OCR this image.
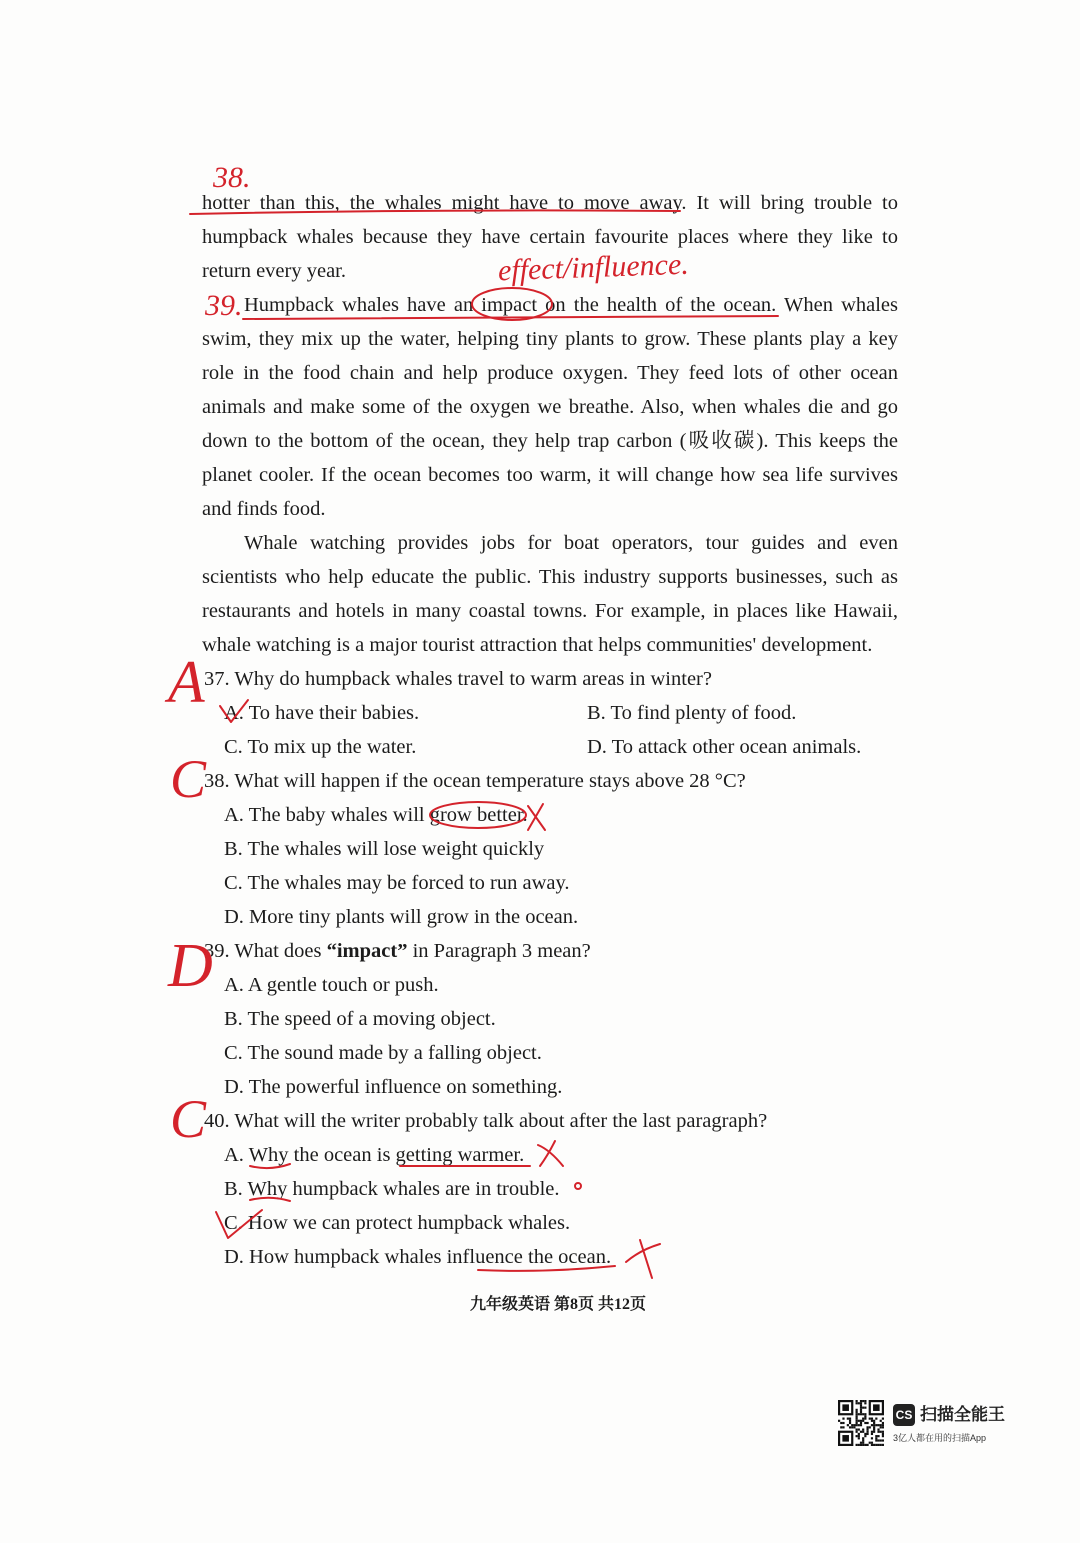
hotter than this, the whales might have to move away. It will bring trouble to
humpback whales because they have certain favourite places where they like to
return every year.
Humpback whales have an impact on the health of the ocean. When whales
swim, they mix up the water, helping tiny plants to grow. These plants play a key
role in the food chain and help produce oxygen. They feed lots of other ocean
animals and make some of the oxygen we breathe. Also, when whales die and go
down to the bottom of the ocean, they help trap carbon (吸收碳). This keeps the
planet cooler. If the ocean becomes too warm, it will change how sea life survives
and finds food.
Whale watching provides jobs for boat operators, tour guides and even
scientists who help educate the public. This industry supports businesses, such as
restaurants and hotels in many coastal towns. For example, in places like Hawaii,
whale watching is a major tourist attraction that helps communities' development.
37. Why do humpback whales travel to warm areas in winter?
A. To have their babies.	B. To find plenty of food.
C. To mix up the water.	D. To attack other ocean animals.
38. What will happen if the ocean temperature stays above 28 °C?
A. The baby whales will grow better.
B. The whales will lose weight quickly
C. The whales may be forced to run away.
D. More tiny plants will grow in the ocean.
39. What does “impact” in Paragraph 3 mean?
A. A gentle touch or push.
B. The speed of a moving object.
C. The sound made by a falling object.
D. The powerful influence on something.
40. What will the writer probably talk about after the last paragraph?
A. Why the ocean is getting warmer.
B. Why humpback whales are in trouble.
C. How we can protect humpback whales.
D. How humpback whales influence the ocean.
38.
effect/influence.
39.
A
C
D
C
九年级英语 第8页 共12页
CS 扫描全能王
3亿人都在用的扫描App
